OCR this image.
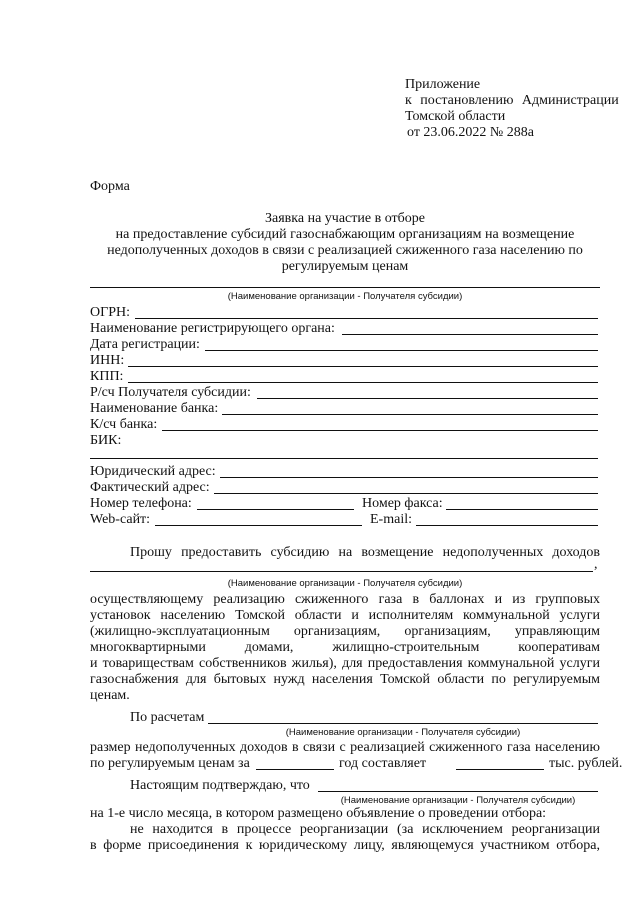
Приложение
к постановлению Администрации
Томской области
от 23.06.2022 № 288а
Форма
Заявка на участие в отборе
на предоставление субсидий газоснабжающим организациям на возмещение
недополученных доходов в связи с реализацией сжиженного газа населению по
регулируемым ценам
(Наименование организации - Получателя субсидии)
ОГРН:
Наименование регистрирующего органа:
Дата регистрации:
ИНН:
КПП:
Р/сч Получателя субсидии:
Наименование банка:
К/сч банка:
БИК:
Юридический адрес:
Фактический адрес:
Номер телефона:	Номер факса:
Web-сайт:	E-mail:
Прошу предоставить субсидию на возмещение недополученных доходов
,
(Наименование организации - Получателя субсидии)
осуществляющему реализацию сжиженного газа в баллонах и из групповых
установок населению Томской области и исполнителям коммунальной услуги
(жилищно-эксплуатационным организациям, организациям, управляющим
многоквартирными домами, жилищно-строительным кооперативам
и товариществам собственников жилья), для предоставления коммунальной услуги
газоснабжения для бытовых нужд населения Томской области по регулируемым
ценам.
По расчетам
(Наименование организации - Получателя субсидии)
размер недополученных доходов в связи с реализацией сжиженного газа населению
по регулируемым ценам за	год составляет	тыс. рублей.
Настоящим подтверждаю, что
(Наименование организации - Получателя субсидии)
на 1-е число месяца, в котором размещено объявление о проведении отбора:
не находится в процессе реорганизации (за исключением реорганизации
в форме присоединения к юридическому лицу, являющемуся участником отбора,
